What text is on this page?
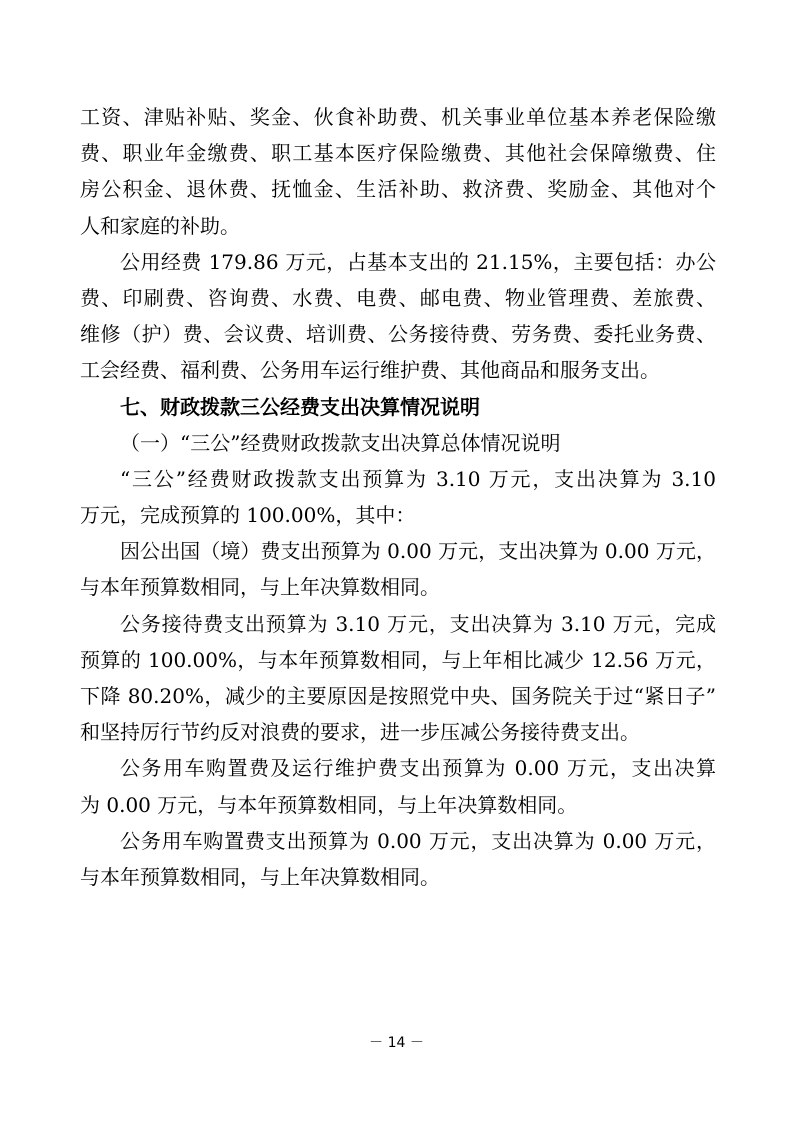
工资、津贴补贴、奖金、伙食补助费、机关事业单位基本养老保险缴
费、职业年金缴费、职工基本医疗保险缴费、其他社会保障缴费、住
房公积金、退休费、抚恤金、生活补助、救济费、奖励金、其他对个
人和家庭的补助。
公用经费 179.86 万元，占基本支出的 21.15%，主要包括：办公
费、印刷费、咨询费、水费、电费、邮电费、物业管理费、差旅费、
维修（护）费、会议费、培训费、公务接待费、劳务费、委托业务费、
工会经费、福利费、公务用车运行维护费、其他商品和服务支出。
七、财政拨款三公经费支出决算情况说明
（一）“三公”经费财政拨款支出决算总体情况说明
“三公”经费财政拨款支出预算为 3.10 万元，支出决算为 3.10
万元，完成预算的 100.00%，其中：
因公出国（境）费支出预算为 0.00 万元，支出决算为 0.00 万元，
与本年预算数相同，与上年决算数相同。
公务接待费支出预算为 3.10 万元，支出决算为 3.10 万元，完成
预算的 100.00%，与本年预算数相同，与上年相比减少 12.56 万元，
下降 80.20%，减少的主要原因是按照党中央、国务院关于过“紧日子”
和坚持厉行节约反对浪费的要求，进一步压减公务接待费支出。
公务用车购置费及运行维护费支出预算为 0.00 万元，支出决算
为 0.00 万元，与本年预算数相同，与上年决算数相同。
公务用车购置费支出预算为 0.00 万元，支出决算为 0.00 万元，
与本年预算数相同，与上年决算数相同。
－ 14 －
